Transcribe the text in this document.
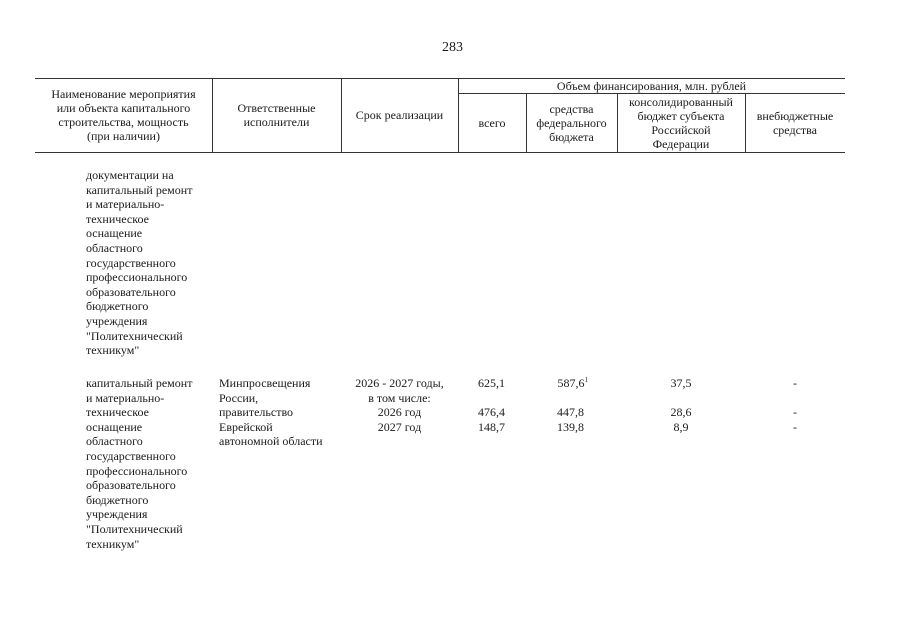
283
Наименование мероприятия
или объекта капитального
строительства, мощность
(при наличии)
Ответственные
исполнители	Срок реализации
Объем финансирования, млн. рублей
всего
средства
федерального
бюджета
консолидированный
бюджет субъекта
Российской
Федерации
внебюджетные
средства
документации на
капитальный ремонт
и материально-
техническое
оснащение
областного
государственного
профессионального
образовательного
бюджетного
учреждения
"Политехнический
техникум"
капитальный ремонт
и материально-
техническое
оснащение
областного
государственного
профессионального
образовательного
бюджетного
учреждения
"Политехнический
техникум"
Минпросвещения
России,
правительство
Еврейской
автономной области
2026 - 2027 годы,
в том числе:
2026 год
2027 год
625,1
476,4
148,7
587,6$^1$
447,8
139,8
37,5
28,6
8,9
-
-
-
